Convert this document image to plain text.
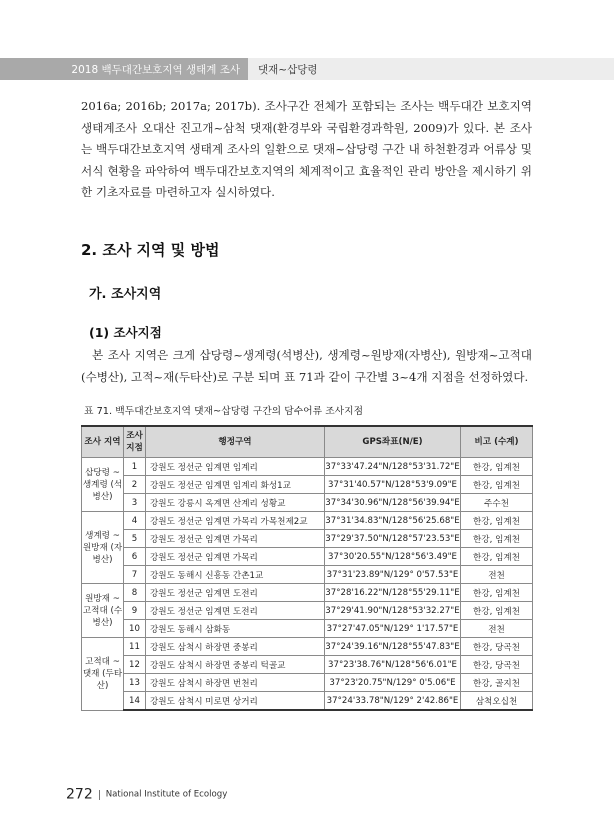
2018 백두대간보호지역 생태계 조사 댓재~삽당령

2016a; 2016b; 2017a; 2017b). 조사구간 전체가 포함되는 조사는 백두대간 보호지역 생태계조사 오대산 진고개~삼척 댓재(환경부와 국립환경과학원, 2009)가 있다. 본 조사는 백두대간보호지역 생태계 조사의 일환으로 댓재~삽당령 구간 내 하천환경과 어류상 및 서식 현황을 파악하여 백두대간보호지역의 체계적이고 효율적인 관리 방안을 제시하기 위한 기초자료를 마련하고자 실시하였다.

2. 조사 지역 및 방법
가. 조사지역
(1) 조사지점

본 조사 지역은 크게 삽당령~생계령(석병산), 생계령~원방재(자병산), 원방재~고적대(수병산), 고적~재(두타산)로 구분 되며 표 71과 같이 구간별 3~4개 지점을 선정하였다.

표 71. 백두대간보호지역 댓재~삽당령 구간의 담수어류 조사지점
조사 지역	조사 지점	행정구역	GPS좌표(N/E)	비고 (수계)
삽당령 ~ 생계령 (석병산)	1	강원도 정선군 임계면 임계리	37°33'47.24"N/128°53'31.72"E	한강, 임계천
	2	강원도 정선군 임계면 임계리 화성1교	37°31'40.57"N/128°53'9.09"E	한강, 임계천
	3	강원도 강릉시 옥계면 산계리 성황교	37°34'30.96"N/128°56'39.94"E	주수천
생계령 ~ 원방재 (자병산)	4	강원도 정선군 임계면 가목리 가목천제2교	37°31'34.83"N/128°56'25.68"E	한강, 임계천
	5	강원도 정선군 임계면 가목리	37°29'37.50"N/128°57'23.53"E	한강, 임계천
	6	강원도 정선군 임계면 가목리	37°30'20.55"N/128°56'3.49"E	한강, 임계천
	7	강원도 동해시 신흥동 간촌1교	37°31'23.89"N/129° 0'57.53"E	전천
원방재 ~ 고적대 (수병산)	8	강원도 정선군 임계면 도전리	37°28'16.22"N/128°55'29.11"E	한강, 임계천
	9	강원도 정선군 임계면 도전리	37°29'41.90"N/128°53'32.27"E	한강, 임계천
	10	강원도 동해시 삼화동	37°27'47.05"N/129° 1'17.57"E	전천
고적대 ~ 댓재 (두타산)	11	강원도 삼척시 하장면 중봉리	37°24'39.16"N/128°55'47.83"E	한강, 당곡천
	12	강원도 삼척시 하장면 중봉리 턱골교	37°23'38.76"N/128°56'6.01"E	한강, 당곡천
	13	강원도 삼척시 하장면 번천리	37°23'20.75"N/129° 0'5.06"E	한강, 골지천
	14	강원도 삼척시 미로면 상거리	37°24'33.78"N/129° 2'42.86"E	삼척오십천
272 National Institute of Ecology
